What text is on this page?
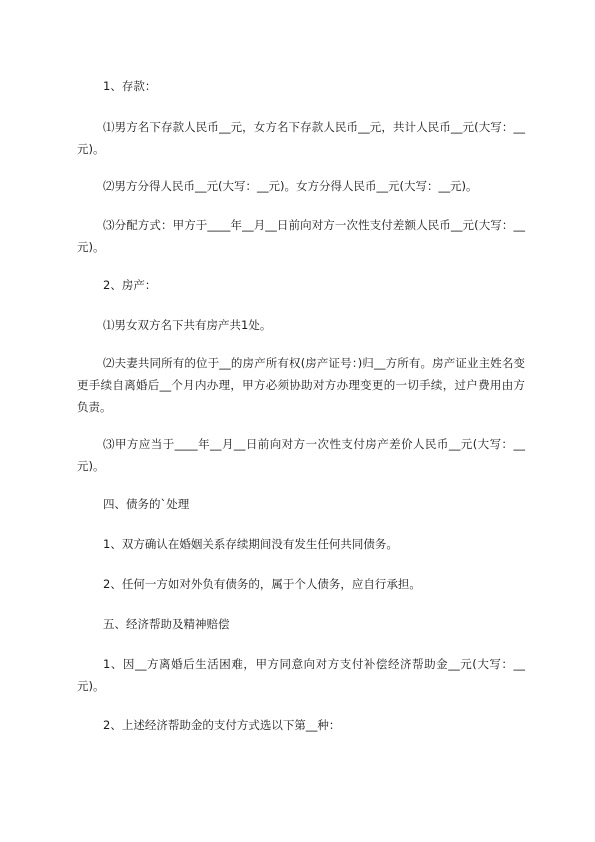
1、存款：

⑴男方名下存款人民币__元，女方名下存款人民币__元，共计人民币__元(大写：__元)。

⑵男方分得人民币__元(大写：__元)。女方分得人民币__元(大写：__元)。

⑶分配方式：甲方于____年__月__日前向对方一次性支付差额人民币__元(大写：__元)。

2、房产：

⑴男女双方名下共有房产共1处。

⑵夫妻共同所有的位于__的房产所有权(房产证号：)归__方所有。房产证业主姓名变更手续自离婚后__个月内办理，甲方必须协助对方办理变更的一切手续，过户费用由方负责。

⑶甲方应当于____年__月__日前向对方一次性支付房产差价人民币__元(大写：__元)。

四、债务的`处理

1、双方确认在婚姻关系存续期间没有发生任何共同债务。

2、任何一方如对外负有债务的，属于个人债务，应自行承担。

五、经济帮助及精神赔偿

1、因__方离婚后生活困难，甲方同意向对方支付补偿经济帮助金__元(大写：__元)。

2、上述经济帮助金的支付方式选以下第__种：
